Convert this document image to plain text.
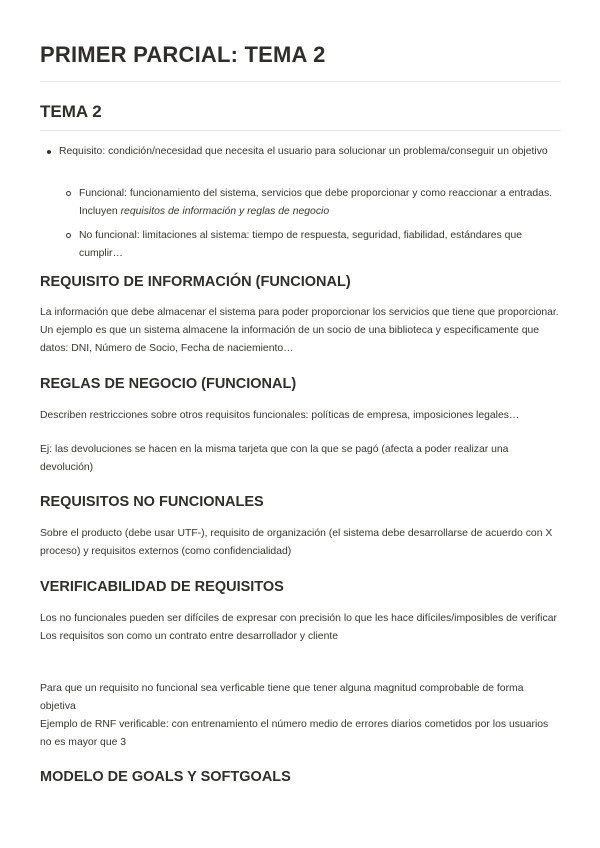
PRIMER PARCIAL: TEMA 2
TEMA 2

Requisito: condición/necesidad que necesita el usuario para solucionar un problema/conseguir un objetivo

Funcional: funcionamiento del sistema, servicios que debe proporcionar y como reaccionar a entradas. Incluyen requisitos de información y reglas de negocio

No funcional: limitaciones al sistema: tiempo de respuesta, seguridad, fiabilidad, estándares que cumplir…

REQUISITO DE INFORMACIÓN (FUNCIONAL)

La información que debe almacenar el sistema para poder proporcionar los servicios que tiene que proporcionar. Un ejemplo es que un sistema almacene la información de un socio de una biblioteca y especificamente que datos: DNI, Número de Socio, Fecha de naciemiento…

REGLAS DE NEGOCIO (FUNCIONAL)

Describen restricciones sobre otros requisitos funcionales: políticas de empresa, imposiciones legales…

Ej: las devoluciones se hacen en la misma tarjeta que con la que se pagó (afecta a poder realizar una devolución)

REQUISITOS NO FUNCIONALES

Sobre el producto (debe usar UTF-), requisito de organización (el sistema debe desarrollarse de acuerdo con X proceso) y requisitos externos (como confidencialidad)

VERIFICABILIDAD DE REQUISITOS

Los no funcionales pueden ser difíciles de expresar con precisión lo que les hace difíciles/imposibles de verificar
Los requisitos son como un contrato entre desarrollador y cliente

Para que un requisito no funcional sea verficable tiene que tener alguna magnitud comprobable de forma objetiva
Ejemplo de RNF verificable: con entrenamiento el número medio de errores diarios cometidos por los usuarios no es mayor que 3

MODELO DE GOALS Y SOFTGOALS
